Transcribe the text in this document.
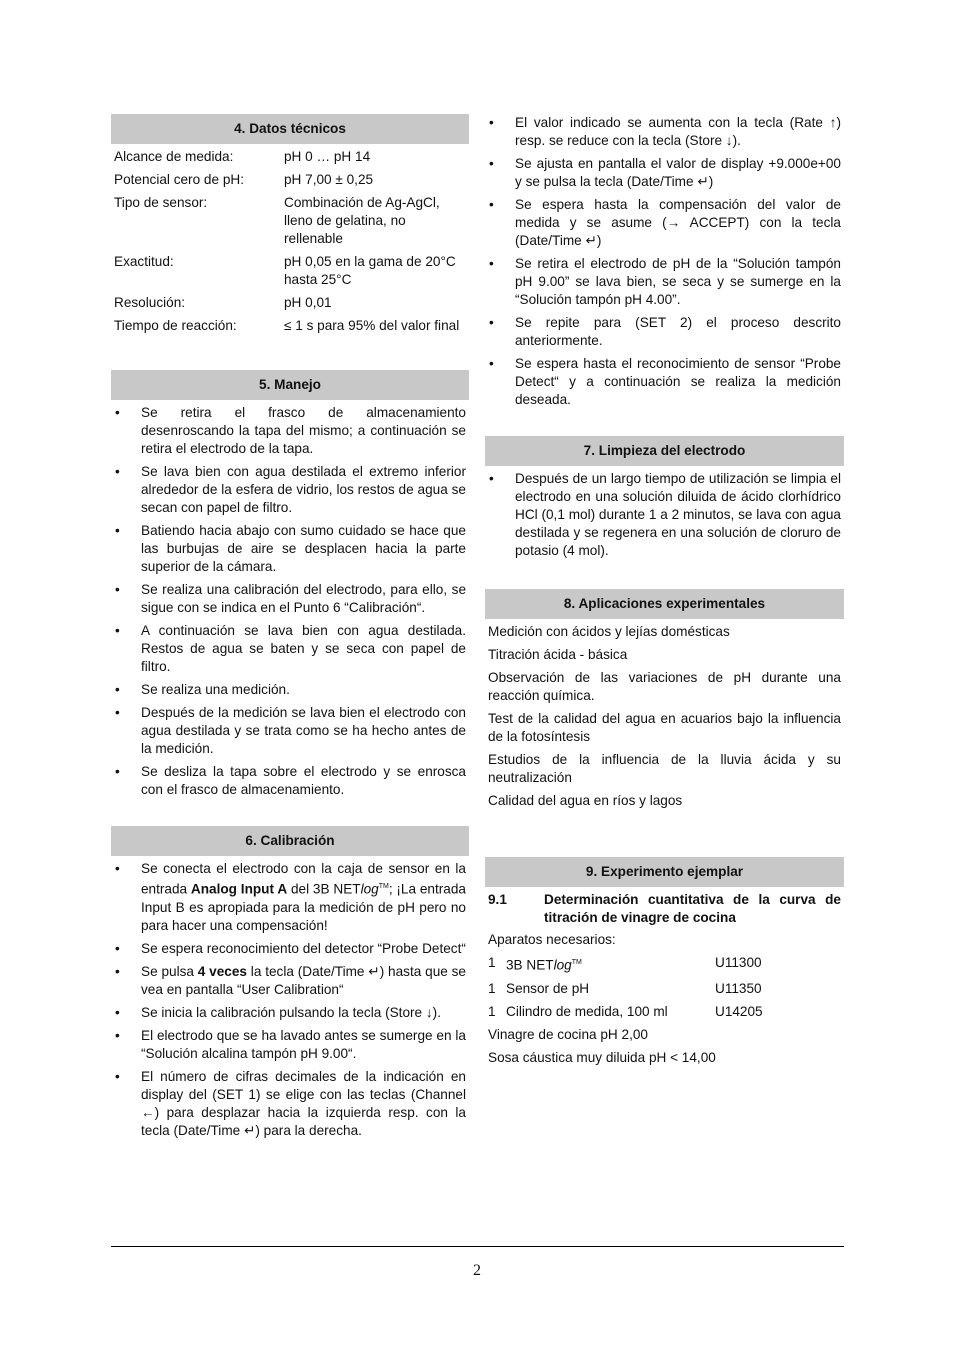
4. Datos técnicos
Alcance de medida:	pH 0 … pH 14
Potencial cero de pH:	pH 7,00 ± 0,25
Tipo de sensor:	Combinación de Ag-AgCl, lleno de gelatina, no rellenable
Exactitud:	pH 0,05 en la gama de 20°C hasta 25°C
Resolución:	pH 0,01
Tiempo de reacción:	≤ 1 s para 95% del valor final
5. Manejo
• Se retira el frasco de almacenamiento desenroscando la tapa del mismo; a continuación se retira el electrodo de la tapa.
• Se lava bien con agua destilada el extremo inferior alrededor de la esfera de vidrio, los restos de agua se secan con papel de filtro.
• Batiendo hacia abajo con sumo cuidado se hace que las burbujas de aire se desplacen hacia la parte superior de la cámara.
• Se realiza una calibración del electrodo, para ello, se sigue con se indica en el Punto 6 “Calibración“.
• A continuación se lava bien con agua destilada. Restos de agua se baten y se seca con papel de filtro.
• Se realiza una medición.
• Después de la medición se lava bien el electrodo con agua destilada y se trata como se ha hecho antes de la medición.
• Se desliza la tapa sobre el electrodo y se enrosca con el frasco de almacenamiento.
6. Calibración
• Se conecta el electrodo con la caja de sensor en la entrada Analog Input A del 3B NETlog™; ¡La entrada Input B es apropiada para la medición de pH pero no para hacer una compensación!
• Se espera reconocimiento del detector “Probe Detect“
• Se pulsa 4 veces la tecla (Date/Time ↵) hasta que se vea en pantalla “User Calibration“
• Se inicia la calibración pulsando la tecla (Store ↓).
• El electrodo que se ha lavado antes se sumerge en la “Solución alcalina tampón pH 9.00“.
• El número de cifras decimales de la indicación en display del (SET 1) se elige con las teclas (Channel ←) para desplazar hacia la izquierda resp. con la tecla (Date/Time ↵) para la derecha.
• El valor indicado se aumenta con la tecla (Rate ↑) resp. se reduce con la tecla (Store ↓).
• Se ajusta en pantalla el valor de display +9.000e+00 y se pulsa la tecla (Date/Time ↵)
• Se espera hasta la compensación del valor de medida y se asume (→ ACCEPT) con la tecla (Date/Time ↵)
• Se retira el electrodo de pH de la “Solución tampón pH 9.00” se lava bien, se seca y se sumerge en la “Solución tampón pH 4.00”.
• Se repite para (SET 2) el proceso descrito anteriormente.
• Se espera hasta el reconocimiento de sensor “Probe Detect“ y a continuación se realiza la medición deseada.
7. Limpieza del electrodo
• Después de un largo tiempo de utilización se limpia el electrodo en una solución diluida de ácido clorhídrico HCl (0,1 mol) durante 1 a 2 minutos, se lava con agua destilada y se regenera en una solución de cloruro de potasio (4 mol).
8. Aplicaciones experimentales

Medición con ácidos y lejías domésticas

Titración ácida - básica

Observación de las variaciones de pH durante una reacción química.

Test de la calidad del agua en acuarios bajo la influencia de la fotosíntesis

Estudios de la influencia de la lluvia ácida y su neutralización

Calidad del agua en ríos y lagos

9. Experimento ejemplar
9.1	Determinación cuantitativa de la curva de titración de vinagre de cocina

Aparatos necesarios:

1 3B NETlog™	U11300
1 Sensor de pH	U11350
1 Cilindro de medida, 100 ml	U14205

Vinagre de cocina pH 2,00

Sosa cáustica muy diluida pH < 14,00

2
